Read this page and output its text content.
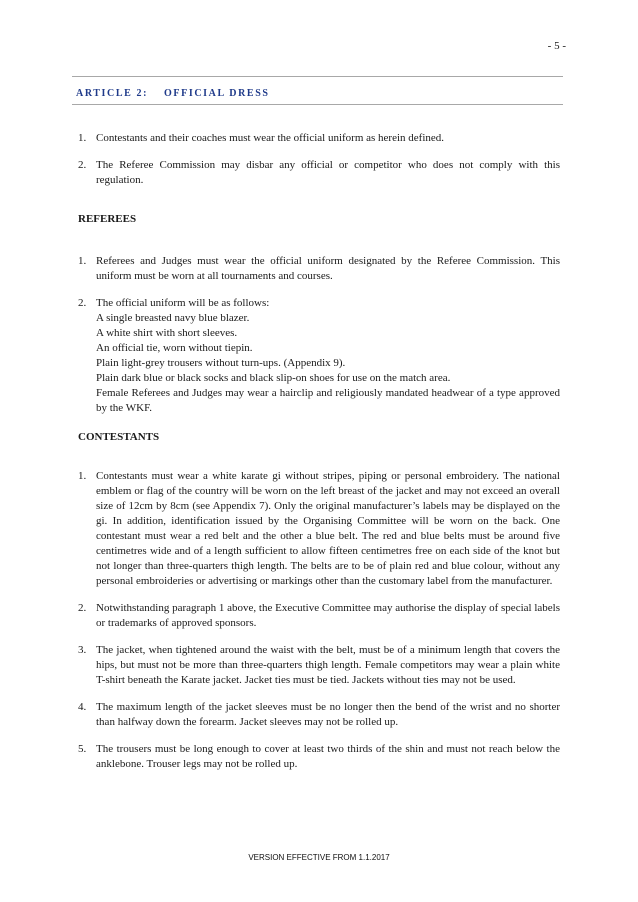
- 5 -
ARTICLE 2: OFFICIAL DRESS
1. Contestants and their coaches must wear the official uniform as herein defined.
2. The Referee Commission may disbar any official or competitor who does not comply with this regulation.
REFEREES
1. Referees and Judges must wear the official uniform designated by the Referee Commission. This uniform must be worn at all tournaments and courses.
2. The official uniform will be as follows:
A single breasted navy blue blazer.
A white shirt with short sleeves.
An official tie, worn without tiepin.
Plain light-grey trousers without turn-ups. (Appendix 9).
Plain dark blue or black socks and black slip-on shoes for use on the match area.
Female Referees and Judges may wear a hairclip and religiously mandated headwear of a type approved by the WKF.
CONTESTANTS
1. Contestants must wear a white karate gi without stripes, piping or personal embroidery. The national emblem or flag of the country will be worn on the left breast of the jacket and may not exceed an overall size of 12cm by 8cm (see Appendix 7). Only the original manufacturer’s labels may be displayed on the gi. In addition, identification issued by the Organising Committee will be worn on the back. One contestant must wear a red belt and the other a blue belt. The red and blue belts must be around five centimetres wide and of a length sufficient to allow fifteen centimetres free on each side of the knot but not longer than three-quarters thigh length. The belts are to be of plain red and blue colour, without any personal embroideries or advertising or markings other than the customary label from the manufacturer.
2. Notwithstanding paragraph 1 above, the Executive Committee may authorise the display of special labels or trademarks of approved sponsors.
3. The jacket, when tightened around the waist with the belt, must be of a minimum length that covers the hips, but must not be more than three-quarters thigh length. Female competitors may wear a plain white T-shirt beneath the Karate jacket. Jacket ties must be tied. Jackets without ties may not be used.
4. The maximum length of the jacket sleeves must be no longer then the bend of the wrist and no shorter than halfway down the forearm. Jacket sleeves may not be rolled up.
5. The trousers must be long enough to cover at least two thirds of the shin and must not reach below the anklebone. Trouser legs may not be rolled up.
VERSION EFFECTIVE FROM 1.1.2017
